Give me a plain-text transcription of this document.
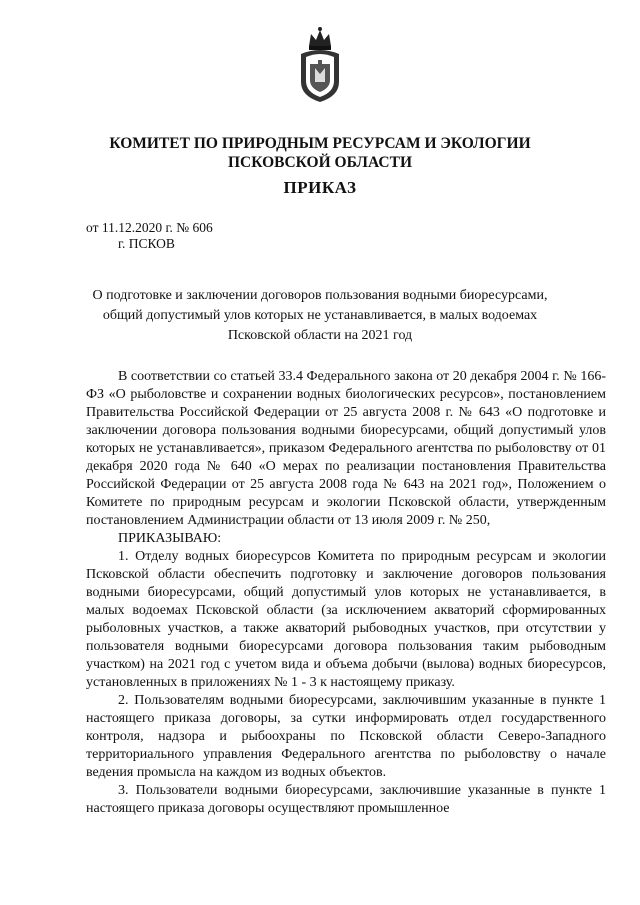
КОМИТЕТ ПО ПРИРОДНЫМ РЕСУРСАМ И ЭКОЛОГИИ
ПСКОВСКОЙ ОБЛАСТИ
ПРИКАЗ
от 11.12.2020 г. № 606
г. ПСКОВ
О подготовке и заключении договоров пользования водными биоресурсами,
общий допустимый улов которых не устанавливается, в малых водоемах
Псковской области на 2021 год

В соответствии со статьей 33.4 Федерального закона от 20 декабря 2004 г. № 166-ФЗ «О рыболовстве и сохранении водных биологических ресурсов», постановлением Правительства Российской Федерации от 25 августа 2008 г. № 643 «О подготовке и заключении договора пользования водными биоресурсами, общий допустимый улов которых не устанавливается», приказом Федерального агентства по рыболовству от 01 декабря 2020 года № 640 «О мерах по реализации постановления Правительства Российской Федерации от 25 августа 2008 года № 643 на 2021 год», Положением о Комитете по природным ресурсам и экологии Псковской области, утвержденным постановлением Администрации области от 13 июля 2009 г. № 250,

ПРИКАЗЫВАЮ:

1. Отделу водных биоресурсов Комитета по природным ресурсам и экологии Псковской области обеспечить подготовку и заключение договоров пользования водными биоресурсами, общий допустимый улов которых не устанавливается, в малых водоемах Псковской области (за исключением акваторий сформированных рыболовных участков, а также акваторий рыбоводных участков, при отсутствии у пользователя водными биоресурсами договора пользования таким рыбоводным участком) на 2021 год с учетом вида и объема добычи (вылова) водных биоресурсов, установленных в приложениях № 1 - 3 к настоящему приказу.

2. Пользователям водными биоресурсами, заключившим указанные в пункте 1 настоящего приказа договоры, за сутки информировать отдел государственного контроля, надзора и рыбоохраны по Псковской области Северо-Западного территориального управления Федерального агентства по рыболовству о начале ведения промысла на каждом из водных объектов.

3. Пользователи водными биоресурсами, заключившие указанные в пункте 1 настоящего приказа договоры осуществляют промышленное
